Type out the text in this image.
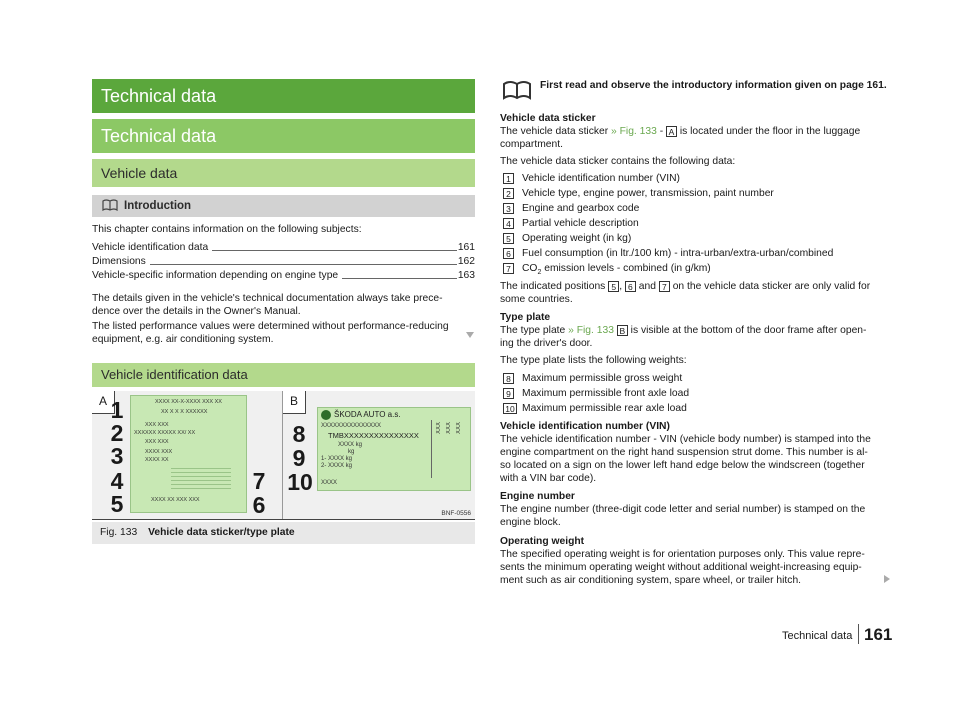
Technical data
Technical data
Vehicle data
Introduction
This chapter contains information on the following subjects:
Vehicle identification data	161
Dimensions	162
Vehicle-specific information depending on engine type	163
The details given in the vehicle's technical documentation always take prece-
dence over the details in the Owner's Manual.
The listed performance values were determined without performance-reducing
equipment, e.g. air conditioning system.
Vehicle identification data
A	XXXX XX-X-XXXX XXX XX
XX X X X XXXXXX
XXX XXX
XXXXXX XXXXX XX/ XX
XXX XXX
XXXX XXX
XXXX XX
XXXX XX XXX XXX
1
2
3
4
5	6
7
B
ŠKODA AUTO a.s.
XXXXXXXXXXXXXXX
TMBXXXXXXXXXXXXXXX
XXXX kg
kg
1- XXXX kg
2- XXXX kg
XXXX
XXX XXX XXX
8
9
10
BNF-0556
Fig. 133 Vehicle data sticker/type plate
First read and observe the introductory information given on page 161.
Vehicle data sticker
The vehicle data sticker » Fig. 133 - A is located under the floor in the luggage
compartment.
The vehicle data sticker contains the following data:
1	Vehicle identification number (VIN)
2	Vehicle type, engine power, transmission, paint number
3	Engine and gearbox code
4	Partial vehicle description
5	Operating weight (in kg)
6	Fuel consumption (in ltr./100 km) - intra-urban/extra-urban/combined
7	$CO_2$ emission levels - combined (in g/km)
The indicated positions 5 , 6 and 7 on the vehicle data sticker are only valid for
some countries.
Type plate
The type plate » Fig. 133 B is visible at the bottom of the door frame after open-
ing the driver's door.
The type plate lists the following weights:
8	Maximum permissible gross weight
9	Maximum permissible front axle load
10 Maximum permissible rear axle load
Vehicle identification number (VIN)
The vehicle identification number - VIN (vehicle body number) is stamped into the
engine compartment on the right hand suspension strut dome. This number is al-
so located on a sign on the lower left hand edge below the windscreen (together
with a VIN bar code).
Engine number
The engine number (three-digit code letter and serial number) is stamped on the
engine block.
Operating weight
The specified operating weight is for orientation purposes only. This value repre-
sents the minimum operating weight without additional weight-increasing equip-
ment such as air conditioning system, spare wheel, or trailer hitch.
Technical data 161
